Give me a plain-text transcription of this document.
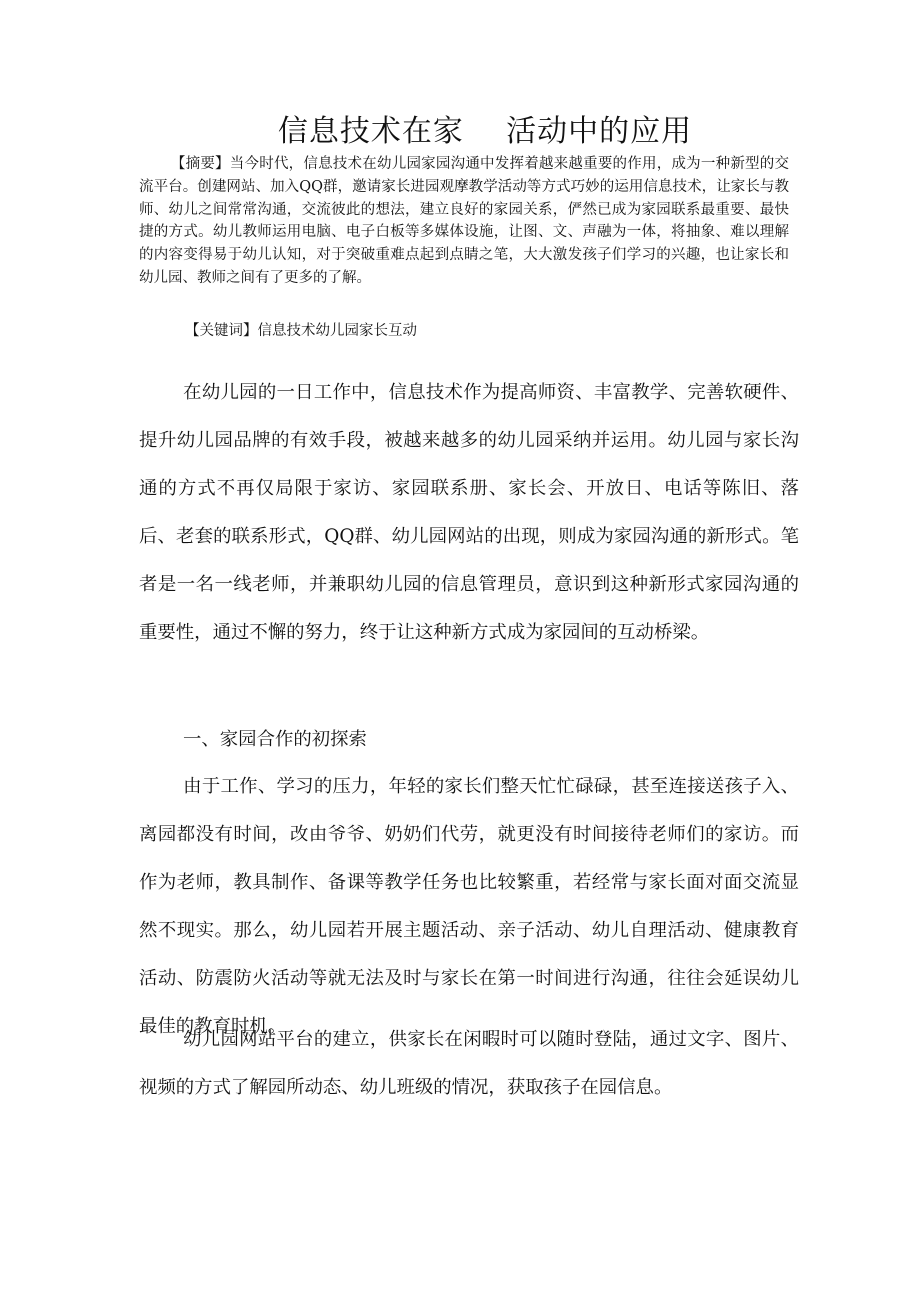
信息技术在家    活动中的应用

【摘要】当今时代，信息技术在幼儿园家园沟通中发挥着越来越重要的作用，成为一种新型的交流平台。创建网站、加入QQ群，邀请家长进园观摩教学活动等方式巧妙的运用信息技术，让家长与教师、幼儿之间常常沟通，交流彼此的想法，建立良好的家园关系，俨然已成为家园联系最重要、最快捷的方式。幼儿教师运用电脑、电子白板等多媒体设施，让图、文、声融为一体，将抽象、难以理解的内容变得易于幼儿认知，对于突破重难点起到点睛之笔，大大激发孩子们学习的兴趣，也让家长和幼儿园、教师之间有了更多的了解。

【关键词】信息技术幼儿园家长互动

在幼儿园的一日工作中，信息技术作为提高师资、丰富教学、完善软硬件、提升幼儿园品牌的有效手段，被越来越多的幼儿园采纳并运用。幼儿园与家长沟通的方式不再仅局限于家访、家园联系册、家长会、开放日、电话等陈旧、落后、老套的联系形式，QQ群、幼儿园网站的出现，则成为家园沟通的新形式。笔者是一名一线老师，并兼职幼儿园的信息管理员，意识到这种新形式家园沟通的重要性，通过不懈的努力，终于让这种新方式成为家园间的互动桥梁。

一、家园合作的初探索

由于工作、学习的压力，年轻的家长们整天忙忙碌碌，甚至连接送孩子入、离园都没有时间，改由爷爷、奶奶们代劳，就更没有时间接待老师们的家访。而作为老师，教具制作、备课等教学任务也比较繁重，若经常与家长面对面交流显然不现实。那么，幼儿园若开展主题活动、亲子活动、幼儿自理活动、健康教育活动、防震防火活动等就无法及时与家长在第一时间进行沟通，往往会延误幼儿最佳的教育时机。

幼儿园网站平台的建立，供家长在闲暇时可以随时登陆，通过文字、图片、视频的方式了解园所动态、幼儿班级的情况，获取孩子在园信息。
